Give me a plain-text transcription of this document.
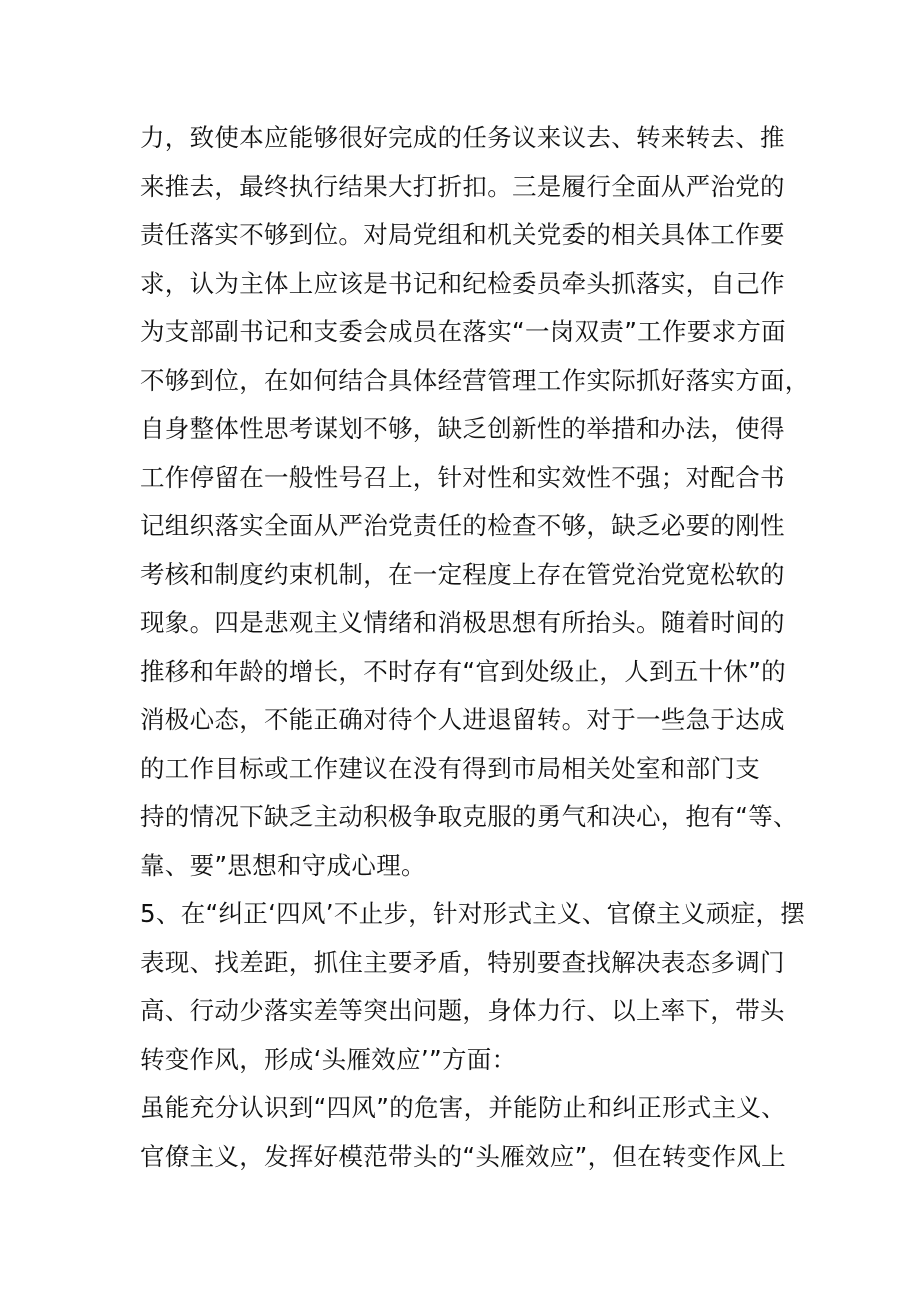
力，致使本应能够很好完成的任务议来议去、转来转去、推
来推去，最终执行结果大打折扣。三是履行全面从严治党的
责任落实不够到位。对局党组和机关党委的相关具体工作要
求，认为主体上应该是书记和纪检委员牵头抓落实，自己作
为支部副书记和支委会成员在落实“一岗双责”工作要求方面
不够到位，在如何结合具体经营管理工作实际抓好落实方面，
自身整体性思考谋划不够，缺乏创新性的举措和办法，使得
工作停留在一般性号召上，针对性和实效性不强；对配合书
记组织落实全面从严治党责任的检查不够，缺乏必要的刚性
考核和制度约束机制，在一定程度上存在管党治党宽松软的
现象。四是悲观主义情绪和消极思想有所抬头。随着时间的
推移和年龄的增长，不时存有“官到处级止，人到五十休”的
消极心态，不能正确对待个人进退留转。对于一些急于达成
的工作目标或工作建议在没有得到市局相关处室和部门支
持的情况下缺乏主动积极争取克服的勇气和决心，抱有“等、
靠、要”思想和守成心理。
5、在“纠正‘四风’不止步，针对形式主义、官僚主义顽症，摆
表现、找差距，抓住主要矛盾，特别要查找解决表态多调门
高、行动少落实差等突出问题，身体力行、以上率下，带头
转变作风，形成‘头雁效应’”方面：
虽能充分认识到“四风”的危害，并能防止和纠正形式主义、
官僚主义，发挥好模范带头的“头雁效应”，但在转变作风上
